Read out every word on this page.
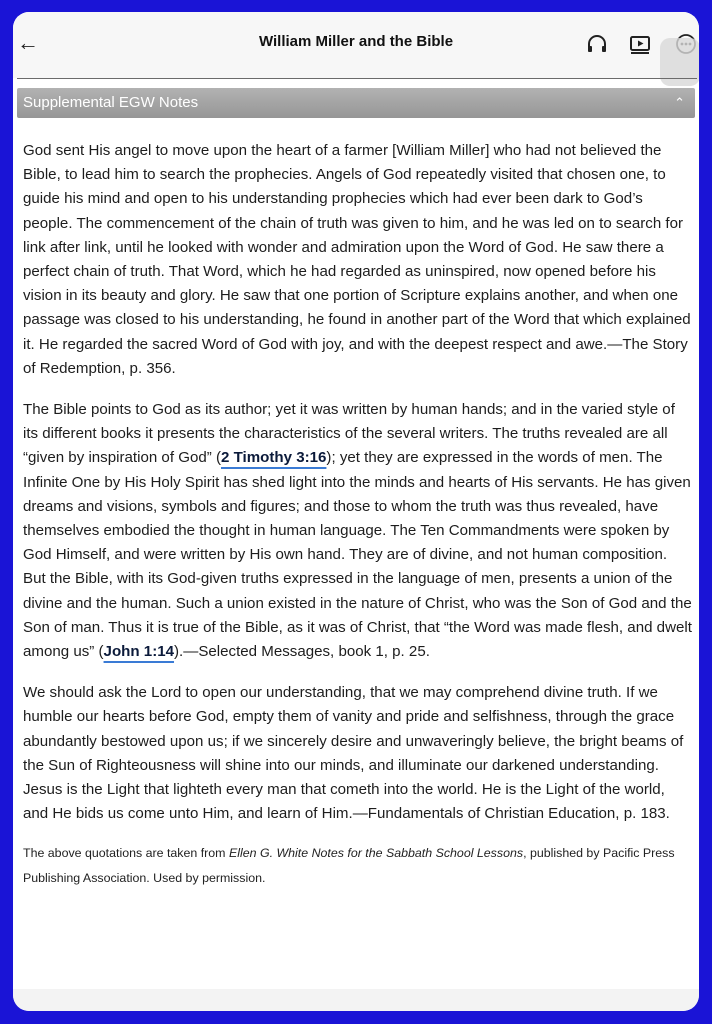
←	William Miller and the Bible
Supplemental EGW Notes	⌃

God sent His angel to move upon the heart of a farmer [William Miller] who had not believed the Bible, to lead him to search the prophecies. Angels of God repeatedly visited that chosen one, to guide his mind and open to his understanding prophecies which had ever been dark to God’s people. The commencement of the chain of truth was given to him, and he was led on to search for link after link, until he looked with wonder and admiration upon the Word of God. He saw there a perfect chain of truth. That Word, which he had regarded as uninspired, now opened before his vision in its beauty and glory. He saw that one portion of Scripture explains another, and when one passage was closed to his understanding, he found in another part of the Word that which explained it. He regarded the sacred Word of God with joy, and with the deepest respect and awe.—The Story of Redemption, p. 356.

The Bible points to God as its author; yet it was written by human hands; and in the varied style of its different books it presents the characteristics of the several writers. The truths revealed are all “given by inspiration of God” (2 Timothy 3:16); yet they are expressed in the words of men. The Infinite One by His Holy Spirit has shed light into the minds and hearts of His servants. He has given dreams and visions, symbols and figures; and those to whom the truth was thus revealed, have themselves embodied the thought in human language. The Ten Commandments were spoken by God Himself, and were written by His own hand. They are of divine, and not human composition. But the Bible, with its God-given truths expressed in the language of men, presents a union of the divine and the human. Such a union existed in the nature of Christ, who was the Son of God and the Son of man. Thus it is true of the Bible, as it was of Christ, that “the Word was made flesh, and dwelt among us” (John 1:14).—Selected Messages, book 1, p. 25.

We should ask the Lord to open our understanding, that we may comprehend divine truth. If we humble our hearts before God, empty them of vanity and pride and selfishness, through the grace abundantly bestowed upon us; if we sincerely desire and unwaveringly believe, the bright beams of the Sun of Righteousness will shine into our minds, and illuminate our darkened understanding. Jesus is the Light that lighteth every man that cometh into the world. He is the Light of the world, and He bids us come unto Him, and learn of Him.—Fundamentals of Christian Education, p. 183.

The above quotations are taken from Ellen G. White Notes for the Sabbath School Lessons, published by Pacific Press Publishing Association. Used by permission.
